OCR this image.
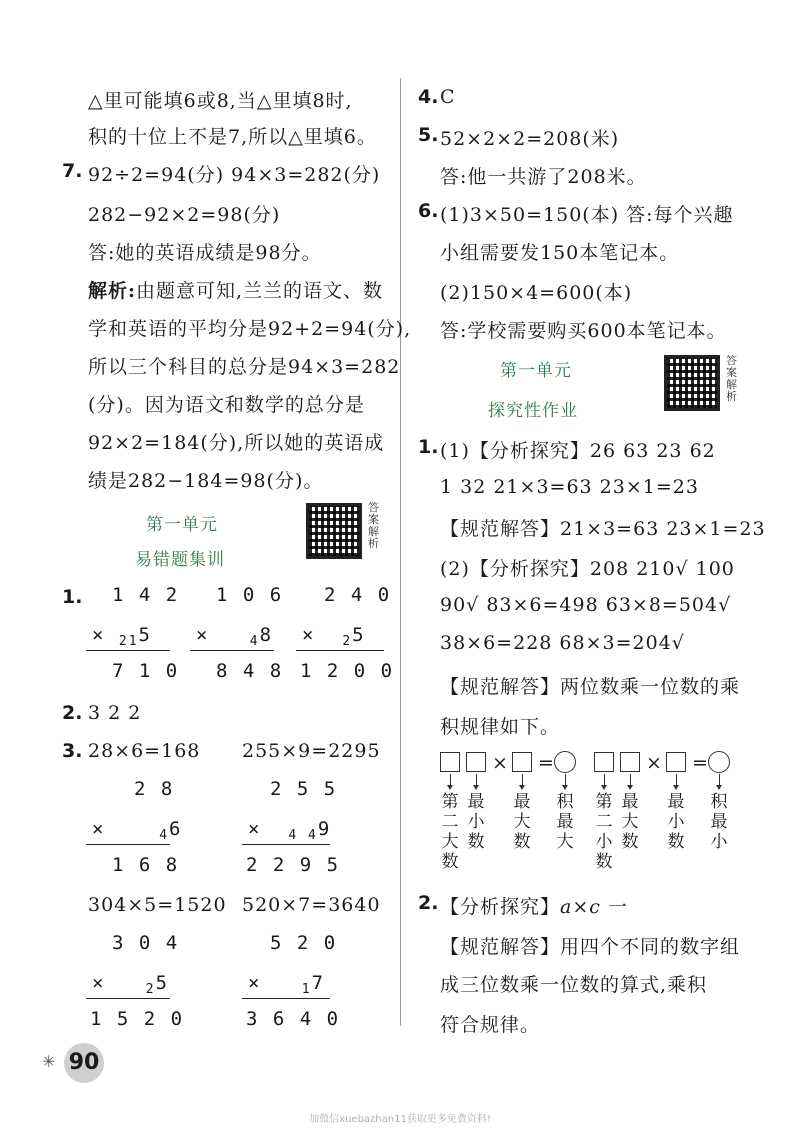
△里可能填6或8,当△里填8时,
积的十位上不是7,所以△里填6。
7. 92÷2=94(分) 94×3=282(分)
282−92×2=98(分)
答:她的英语成绩是98分。
解析:由题意可知,兰兰的语文、数
学和英语的平均分是92+2=94(分),
所以三个科目的总分是94×3=282
(分)。因为语文和数学的总分是
92×2=184(分),所以她的英语成
绩是282−184=98(分)。
第一单元
易错题集训
答
案
解
析
1. 1 4 2
× $_{21}$5
7 1 0
1 0 6
×	$_4$8
8 4 8
2 4 0
× $_2$5
1 2 0 0
2. 3 2 2
3. 28×6=168 255×9=2295
2 8
×	$_4$6
1 6 8
2 5 5
× $_{4 4}$9
2 2 9 5
304×5=1520 520×7=3640
3 0 4
×	$_2$5
1 5 2 0
5 2 0
×	$_1$7
3 6 4 0
4. C
5. 52×2×2=208(米)
答:他一共游了208米。
6. (1)3×50=150(本) 答:每个兴趣
小组需要发150本笔记本。
(2)150×4=600(本)
答:学校需要购买600本笔记本。
第一单元
探究性作业
答
案
解
析
1. (1)【分析探究】26 63 23 62
1 32 21×3=63 23×1=23
【规范解答】21×3=63 23×1=23
(2)【分析探究】208 210√ 100
90√ 83×6=498 63×8=504√
38×6=228 68×3=204√
【规范解答】两位数乘一位数的乘
积规律如下。
× =	× =
第
二
大
数
最
小
数
最
大
数
积
最
大
第
二
小
数
最
大
数
最
小
数
积
最
小
2. 【分析探究】a×c 一
【规范解答】用四个不同的数字组
成三位数乘一位数的算式,乘积
符合规律。
✳ 90
加微信xuebazhan11获取更多免费资料!
